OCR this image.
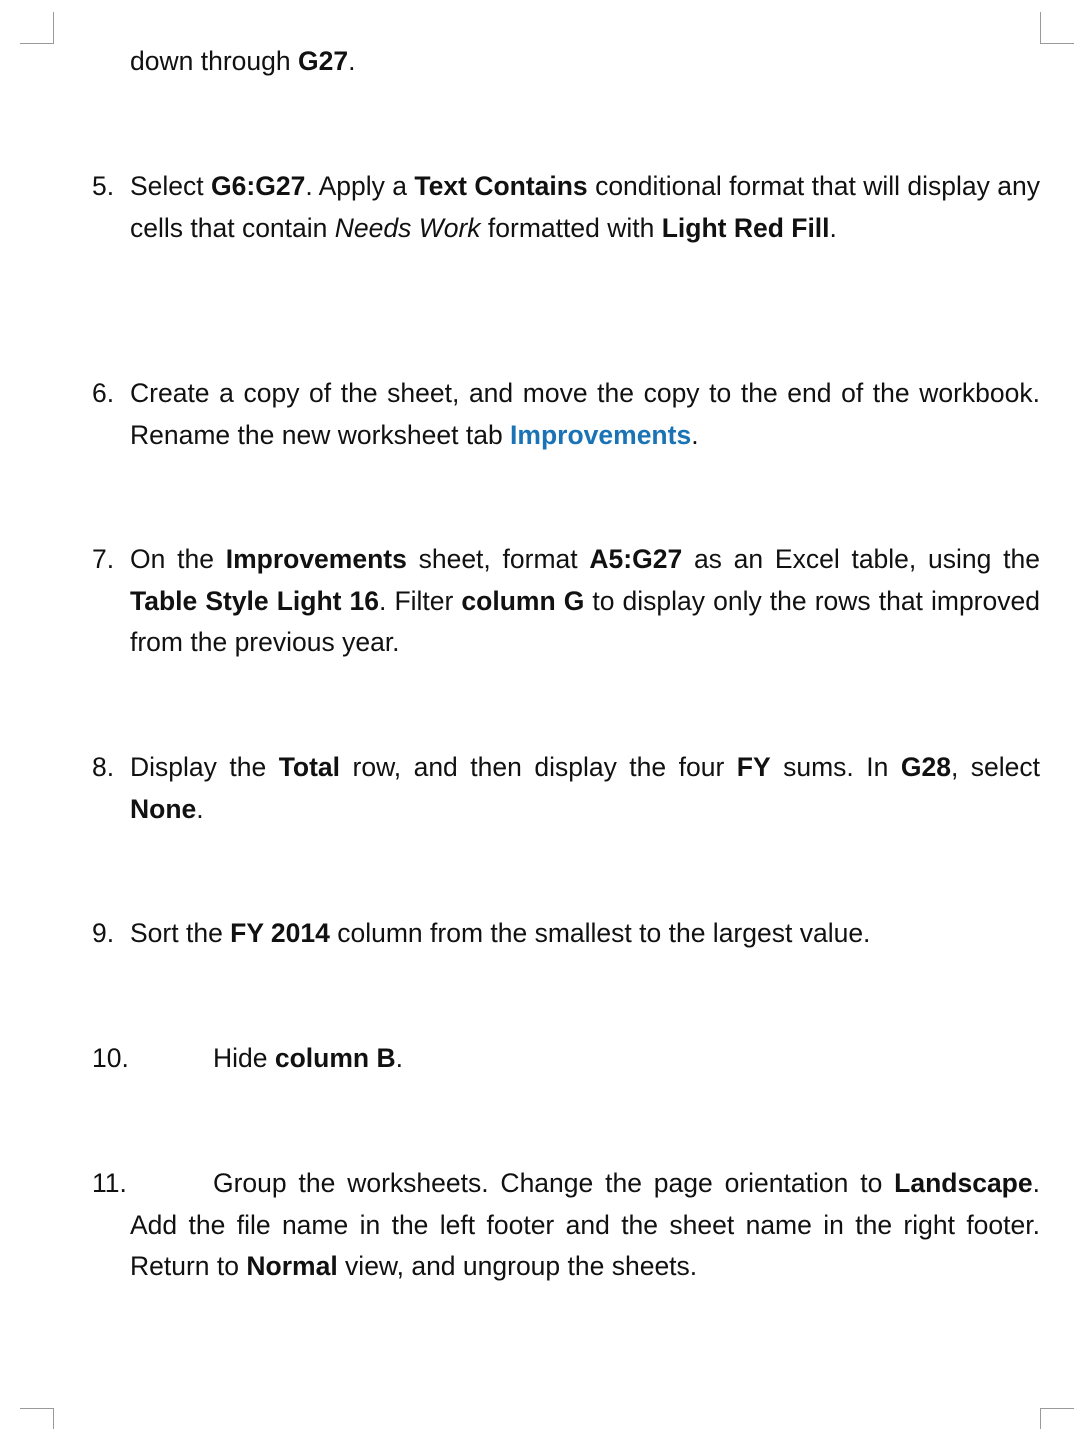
down through G27.
5. Select G6:G27. Apply a Text Contains conditional format that will display any cells that contain Needs Work formatted with Light Red Fill.
6. Create a copy of the sheet, and move the copy to the end of the workbook. Rename the new worksheet tab Improvements.
7. On the Improvements sheet, format A5:G27 as an Excel table, using the Table Style Light 16. Filter column G to display only the rows that improved from the previous year.
8. Display the Total row, and then display the four FY sums. In G28, select None.
9. Sort the FY 2014 column from the smallest to the largest value.
10.	Hide column B.
11.	Group the worksheets. Change the page orientation to Landscape. Add the file name in the left footer and the sheet name in the right footer. Return to Normal view, and ungroup the sheets.
